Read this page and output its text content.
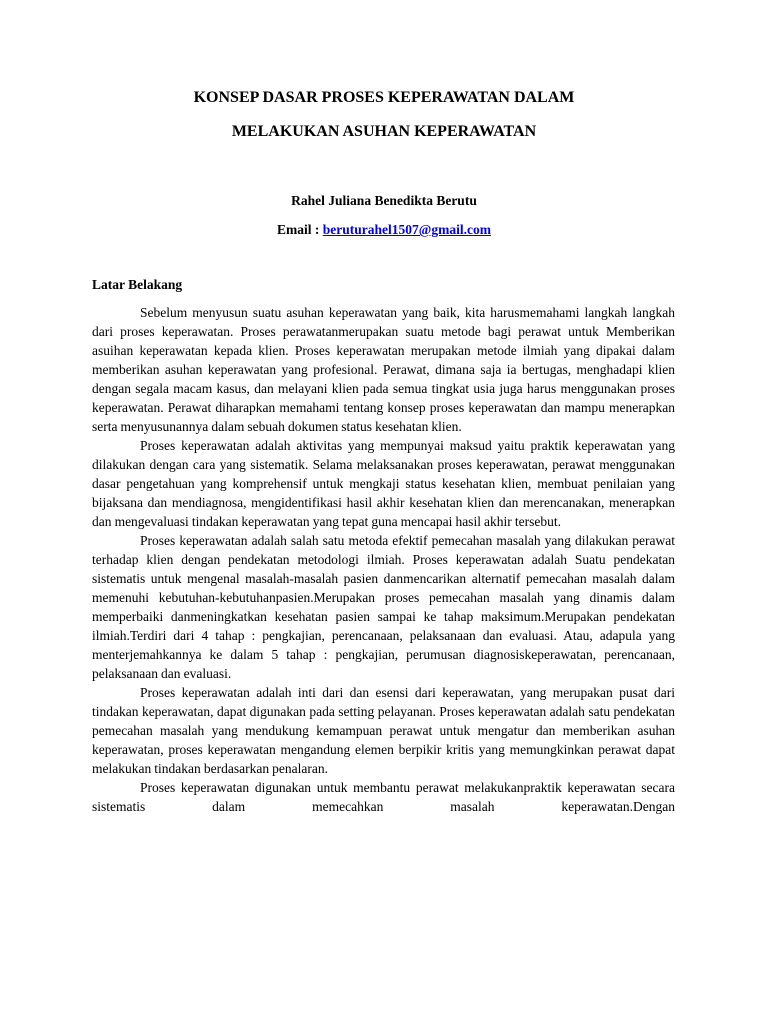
KONSEP DASAR PROSES KEPERAWATAN DALAM
MELAKUKAN ASUHAN KEPERAWATAN
Rahel Juliana Benedikta Berutu
Email : beruturahel1507@gmail.com
Latar Belakang

Sebelum menyusun suatu asuhan keperawatan yang baik, kita harusmemahami langkah langkah dari proses keperawatan. Proses perawatanmerupakan suatu metode bagi perawat untuk Memberikan asuihan keperawatan kepada klien. Proses keperawatan merupakan metode ilmiah yang dipakai dalam memberikan asuhan keperawatan yang profesional. Perawat, dimana saja ia bertugas, menghadapi klien dengan segala macam kasus, dan melayani klien pada semua tingkat usia juga harus menggunakan proses keperawatan. Perawat diharapkan memahami tentang konsep proses keperawatan dan mampu menerapkan serta menyusunannya dalam sebuah dokumen status kesehatan klien.

Proses keperawatan adalah aktivitas yang mempunyai maksud yaitu praktik keperawatan yang dilakukan dengan cara yang sistematik. Selama melaksanakan proses keperawatan, perawat menggunakan dasar pengetahuan yang komprehensif untuk mengkaji status kesehatan klien, membuat penilaian yang bijaksana dan mendiagnosa, mengidentifikasi hasil akhir kesehatan klien dan merencanakan, menerapkan dan mengevaluasi tindakan keperawatan yang tepat guna mencapai hasil akhir tersebut.

Proses keperawatan adalah salah satu metoda efektif pemecahan masalah yang dilakukan perawat terhadap klien dengan pendekatan metodologi ilmiah. Proses keperawatan adalah Suatu pendekatan sistematis untuk mengenal masalah-masalah pasien danmencarikan alternatif pemecahan masalah dalam memenuhi kebutuhan-kebutuhanpasien.Merupakan proses pemecahan masalah yang dinamis dalam memperbaiki danmeningkatkan kesehatan pasien sampai ke tahap maksimum.Merupakan pendekatan ilmiah.Terdiri dari 4 tahap : pengkajian, perencanaan, pelaksanaan dan evaluasi. Atau, adapula yang menterjemahkannya ke dalam 5 tahap : pengkajian, perumusan diagnosiskeperawatan, perencanaan, pelaksanaan dan evaluasi.

Proses keperawatan adalah inti dari dan esensi dari keperawatan, yang merupakan pusat dari tindakan keperawatan, dapat digunakan pada setting pelayanan. Proses keperawatan adalah satu pendekatan pemecahan masalah yang mendukung kemampuan perawat untuk mengatur dan memberikan asuhan keperawatan, proses keperawatan mengandung elemen berpikir kritis yang memungkinkan perawat dapat melakukan tindakan berdasarkan penalaran.

Proses keperawatan digunakan untuk membantu perawat melakukanpraktik keperawatan secara sistematis dalam memecahkan masalah keperawatan.Dengan
